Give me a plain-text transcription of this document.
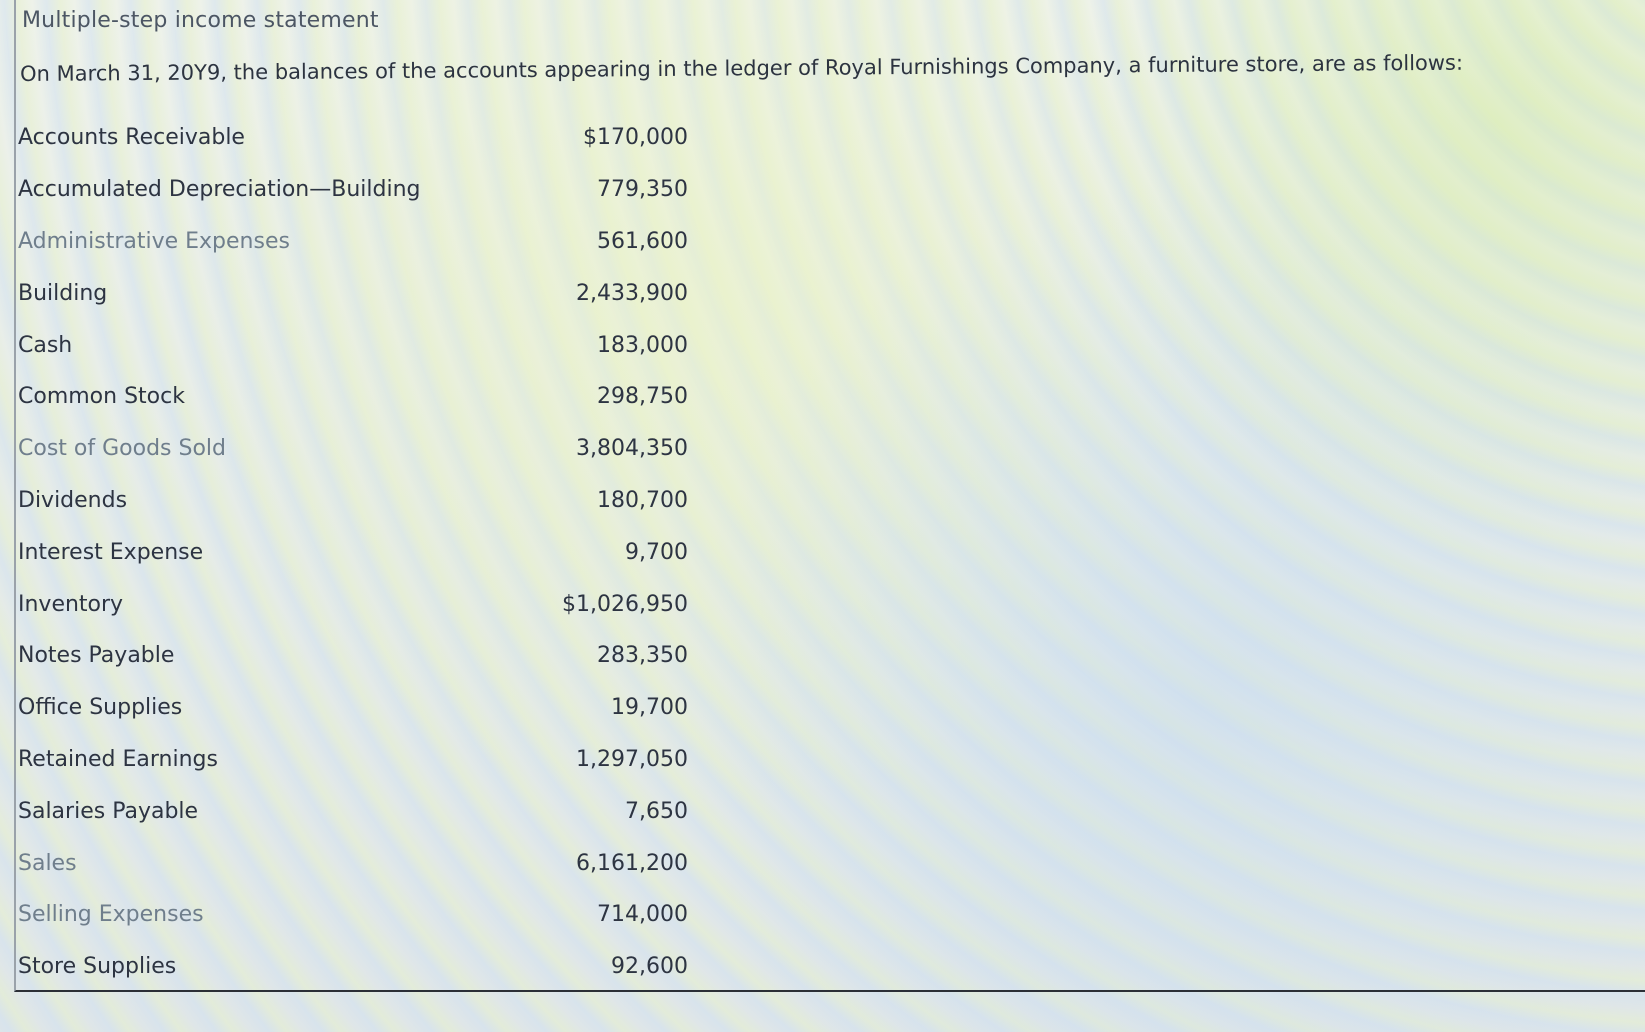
Multiple-step income statement
On March 31, 20Y9, the balances of the accounts appearing in the ledger of Royal Furnishings Company, a furniture store, are as follows:
Accounts Receivable	$170,000
Accumulated Depreciation—Building	779,350
Administrative Expenses	561,600
Building	2,433,900
Cash	183,000
Common Stock	298,750
Cost of Goods Sold	3,804,350
Dividends	180,700
Interest Expense	9,700
Inventory	$1,026,950
Notes Payable	283,350
Office Supplies	19,700
Retained Earnings	1,297,050
Salaries Payable	7,650
Sales	6,161,200
Selling Expenses	714,000
Store Supplies	92,600
